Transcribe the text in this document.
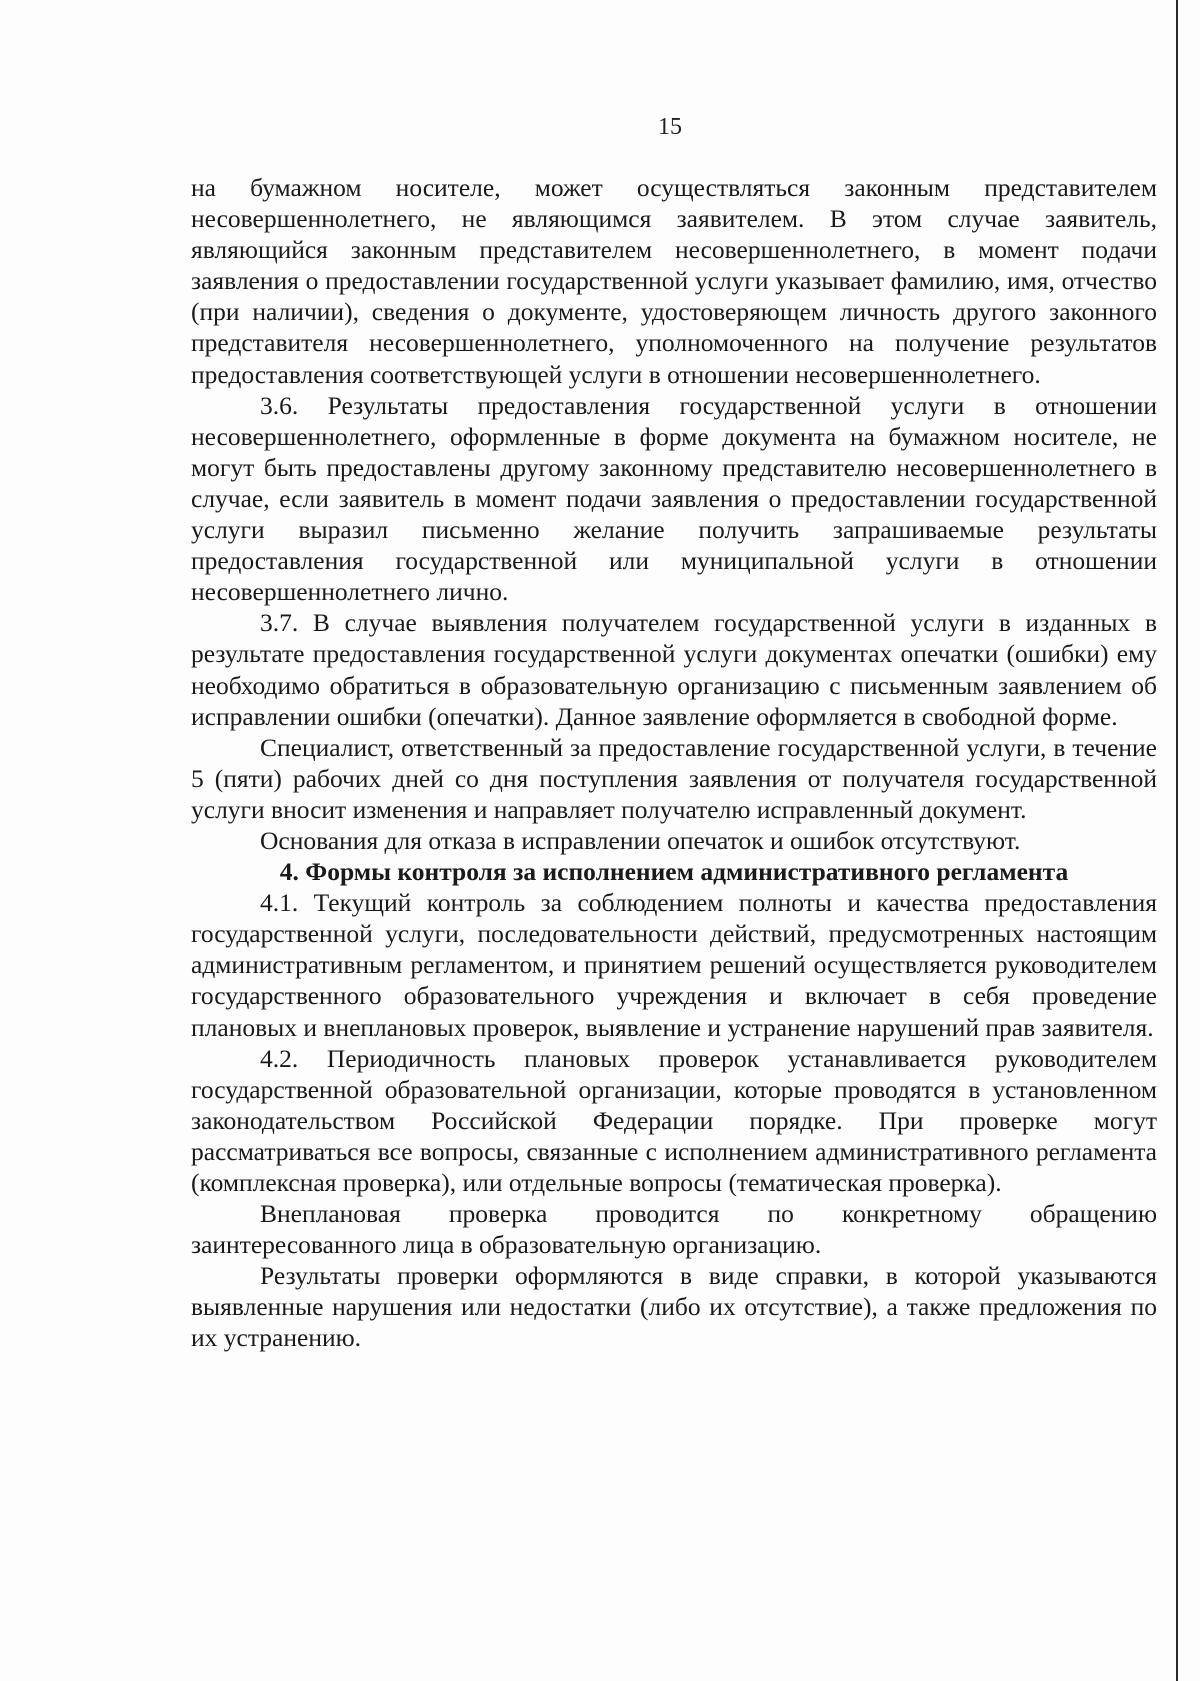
15

на бумажном носителе, может осуществляться законным представителем несовершеннолетнего, не являющимся заявителем. В этом случае заявитель, являющийся законным представителем несовершеннолетнего, в момент подачи заявления о предоставлении государственной услуги указывает фамилию, имя, отчество (при наличии), сведения о документе, удостоверяющем личность другого законного представителя несовершеннолетнего, уполномоченного на получение результатов предоставления соответствующей услуги в отношении несовершеннолетнего.

3.6. Результаты предоставления государственной услуги в отношении несовершеннолетнего, оформленные в форме документа на бумажном носителе, не могут быть предоставлены другому законному представителю несовершеннолетнего в случае, если заявитель в момент подачи заявления о предоставлении государственной услуги выразил письменно желание получить запрашиваемые результаты предоставления государственной или муниципальной услуги в отношении несовершеннолетнего лично.

3.7. В случае выявления получателем государственной услуги в изданных в результате предоставления государственной услуги документах опечатки (ошибки) ему необходимо обратиться в образовательную организацию с письменным заявлением об исправлении ошибки (опечатки). Данное заявление оформляется в свободной форме.

Специалист, ответственный за предоставление государственной услуги, в течение 5 (пяти) рабочих дней со дня поступления заявления от получателя государственной услуги вносит изменения и направляет получателю исправленный документ.

Основания для отказа в исправлении опечаток и ошибок отсутствуют.

4. Формы контроля за исполнением административного регламента

4.1. Текущий контроль за соблюдением полноты и качества предоставления государственной услуги, последовательности действий, предусмотренных настоящим административным регламентом, и принятием решений осуществляется руководителем государственного образовательного учреждения и включает в себя проведение плановых и внеплановых проверок, выявление и устранение нарушений прав заявителя.

4.2. Периодичность плановых проверок устанавливается руководителем государственной образовательной организации, которые проводятся в установленном законодательством Российской Федерации порядке. При проверке могут рассматриваться все вопросы, связанные с исполнением административного регламента (комплексная проверка), или отдельные вопросы (тематическая проверка).

Внеплановая проверка проводится по конкретному обращению заинтересованного лица в образовательную организацию.

Результаты проверки оформляются в виде справки, в которой указываются выявленные нарушения или недостатки (либо их отсутствие), а также предложения по их устранению.
